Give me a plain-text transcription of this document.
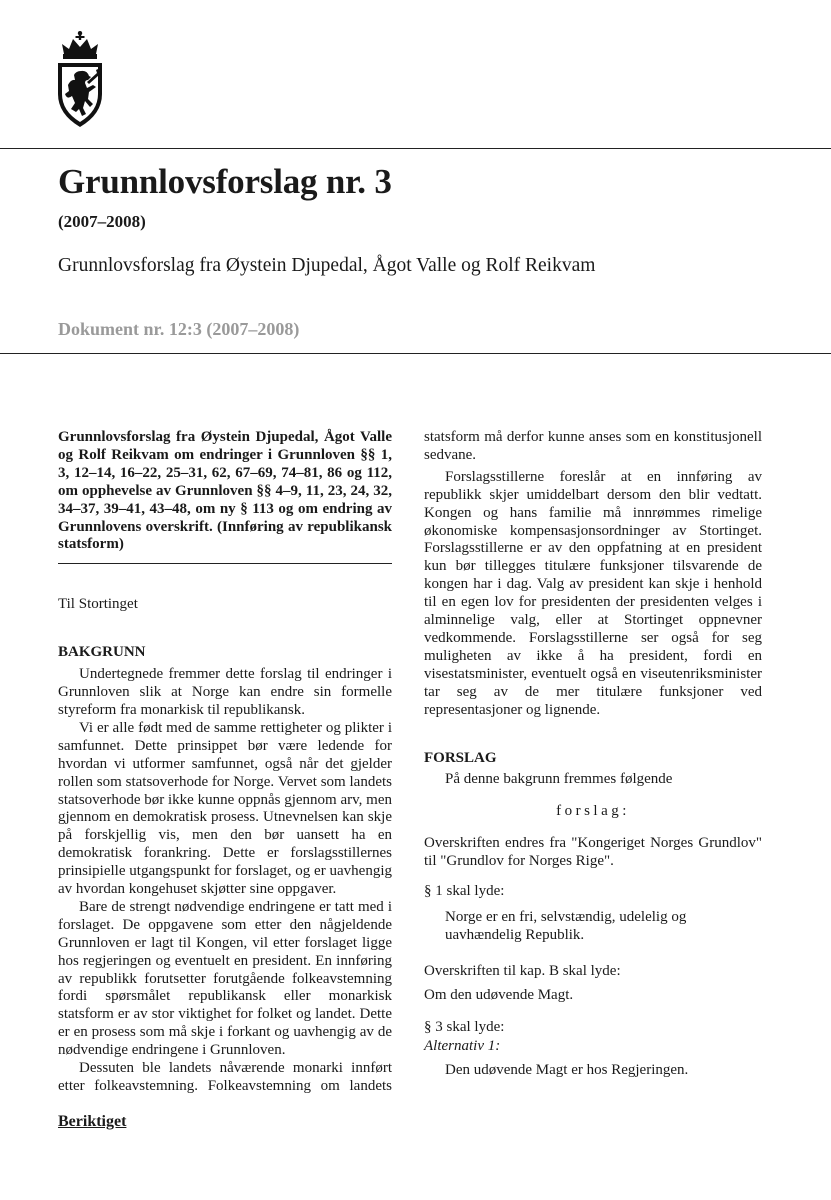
Grunnlovsforslag nr. 3
(2007–2008)
Grunnlovsforslag fra Øystein Djupedal, Ågot Valle og Rolf Reikvam
Dokument nr. 12:3 (2007–2008)

Grunnlovsforslag fra Øystein Djupedal, Ågot Valle og Rolf Reikvam om endringer i Grunnloven §§ 1, 3, 12–14, 16–22, 25–31, 62, 67–69, 74–81, 86 og 112, om opphevelse av Grunnloven §§ 4–9, 11, 23, 24, 32, 34–37, 39–41, 43–48, om ny § 113 og om endring av Grunnlovens overskrift. (Innføring av republikansk statsform)

Til Stortinget

BAKGRUNN

Undertegnede fremmer dette forslag til endringer i Grunnloven slik at Norge kan endre sin formelle styreform fra monarkisk til republikansk.

Vi er alle født med de samme rettigheter og plikter i samfunnet. Dette prinsippet bør være ledende for hvordan vi utformer samfunnet, også når det gjelder rollen som statsoverhode for Norge. Vervet som landets statsoverhode bør ikke kunne oppnås gjennom arv, men gjennom en demokratisk prosess. Utnevnelsen kan skje på forskjellig vis, men den bør uansett ha en demokratisk forankring. Dette er forslagsstillernes prinsipielle utgangspunkt for forslaget, og er uavhengig av hvordan kongehuset skjøtter sine oppgaver.

Bare de strengt nødvendige endringene er tatt med i forslaget. De oppgavene som etter den någjeldende Grunnloven er lagt til Kongen, vil etter forslaget ligge hos regjeringen og eventuelt en president. En innføring av republikk forutsetter forutgående folkeavstemning fordi spørsmålet republikansk eller monarkisk statsform er av stor viktighet for folket og landet. Dette er en prosess som må skje i forkant og uavhengig av de nødvendige endringene i Grunnloven.

Dessuten ble landets nåværende monarki innført etter folkeavstemning. Folkeavstemning om landets

statsform må derfor kunne anses som en konstitusjonell sedvane.

Forslagsstillerne foreslår at en innføring av republikk skjer umiddelbart dersom den blir vedtatt. Kongen og hans familie må innrømmes rimelige økonomiske kompensasjonsordninger av Stortinget. Forslagsstillerne er av den oppfatning at en president kun bør tillegges titulære funksjoner tilsvarende de kongen har i dag. Valg av president kan skje i henhold til en egen lov for presidenten der presidenten velges i alminnelige valg, eller at Stortinget oppnevner vedkommende. Forslagsstillerne ser også for seg muligheten av ikke å ha president, fordi en visestatsminister, eventuelt også en viseutenriksminister tar seg av de mer titulære funksjoner ved representasjoner og lignende.

FORSLAG

På denne bakgrunn fremmes følgende

forslag:

Overskriften endres fra "Kongeriget Norges Grundlov" til "Grundlov for Norges Rige".

§ 1 skal lyde:

Norge er en fri, selvstændig, udelelig og uavhændelig Republik.

Overskriften til kap. B skal lyde:

Om den udøvende Magt.

§ 3 skal lyde:

Alternativ 1:

Den udøvende Magt er hos Regjeringen.

Beriktiget
